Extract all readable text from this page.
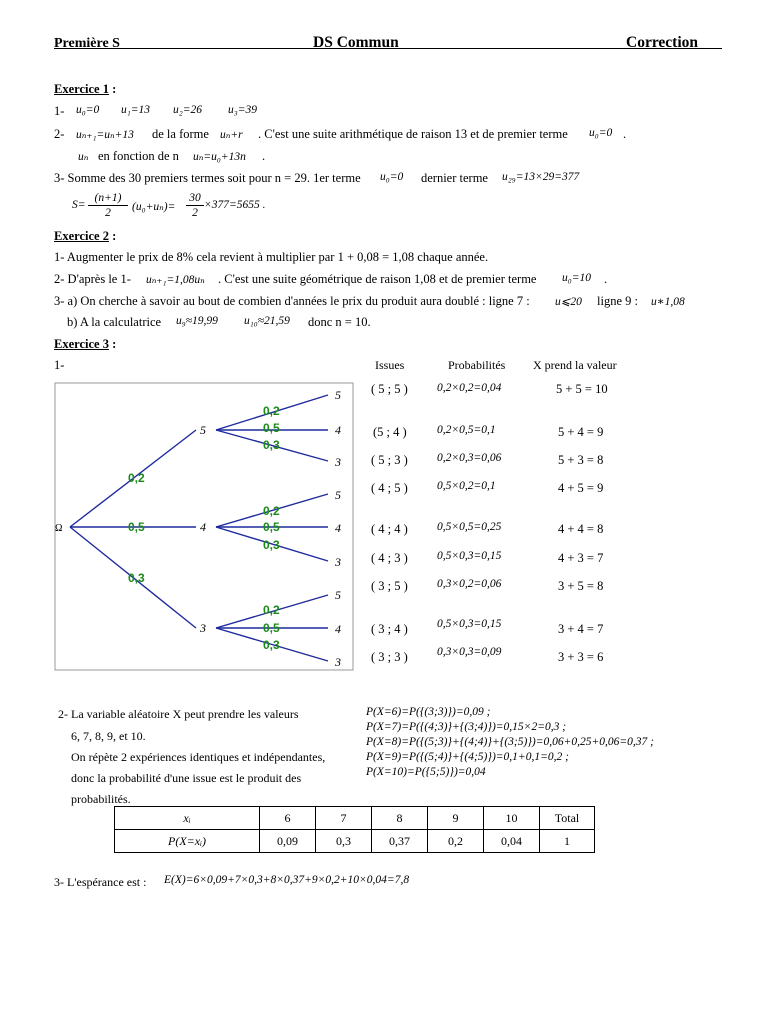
Première S	DS Commun	Correction
Exercice 1 :
1- u₀=0 u₁=13 u₂=26 u₃=39
2- uₙ₊₁=uₙ+13 de la forme uₙ+r . C'est une suite arithmétique de raison 13 et de premier terme u₀=0 .
uₙ en fonction de n uₙ=u₀+13n .
3- Somme des 30 premiers termes soit pour n = 29. 1er terme u₀=0 dernier terme u₂₉=13×29=377
S=
(n+1)
2	(u₀+uₙ)=
30
2
×377=5655 .
Exercice 2 :
1- Augmenter le prix de 8% cela revient à multiplier par 1 + 0,08 = 1,08 chaque année.
2- D'après le 1- uₙ₊₁=1,08uₙ . C'est une suite géométrique de raison 1,08 et de premier terme u₀=10 .
3- a) On cherche à savoir au bout de combien d'années le prix du produit aura doublé : ligne 7 : u⩽20 ligne 9 : u∗1,08
b) A la calculatrice u₉≈19,99 u₁₀≈21,59 donc n = 10.
Exercice 3 :
1-
Ω
5
4
3
0,2
0,5
0,3
5
4
3
0,2
0,5
0,3
5
4
3
0,2
0,5
0,3
5
4
3
0,2
0,5
0,3
Issues	Probabilités X prend la valeur
( 5 ; 5 )	0,2×0,2=0,04	5 + 5 = 10
(5 ; 4 )	0,2×0,5=0,1	5 + 4 = 9
( 5 ; 3 )	0,2×0,3=0,06	5 + 3 = 8
( 4 ; 5 )	0,5×0,2=0,1	4 + 5 = 9
( 4 ; 4 )	0,5×0,5=0,25	4 + 4 = 8
( 4 ; 3 )	0,5×0,3=0,15	4 + 3 = 7
( 3 ; 5 )	0,3×0,2=0,06	3 + 5 = 8
( 3 ; 4 )	0,5×0,3=0,15	3 + 4 = 7
( 3 ; 3 )	0,3×0,3=0,09	3 + 3 = 6
2- La variable aléatoire X peut prendre les valeurs
6, 7, 8, 9, et 10.
On répète 2 expériences identiques et indépendantes,
donc la probabilité d'une issue est le produit des
probabilités.
P(X=6)=P({(3;3)})=0,09 ;
P(X=7)=P({(4;3)}+{(3;4)})=0,15×2=0,3 ;
P(X=8)=P({(5;3)}+{(4;4)}+{(3;5)})=0,06+0,25+0,06=0,37 ;
P(X=9)=P({(5;4)}+{(4;5)})=0,1+0,1=0,2 ;
P(X=10)=P({5;5)})=0,04
xᵢ	6	7	8	9	10	Total
P(X=xᵢ)	0,09	0,3	0,37	0,2	0,04	1
3- L'espérance est : E(X)=6×0,09+7×0,3+8×0,37+9×0,2+10×0,04=7,8
